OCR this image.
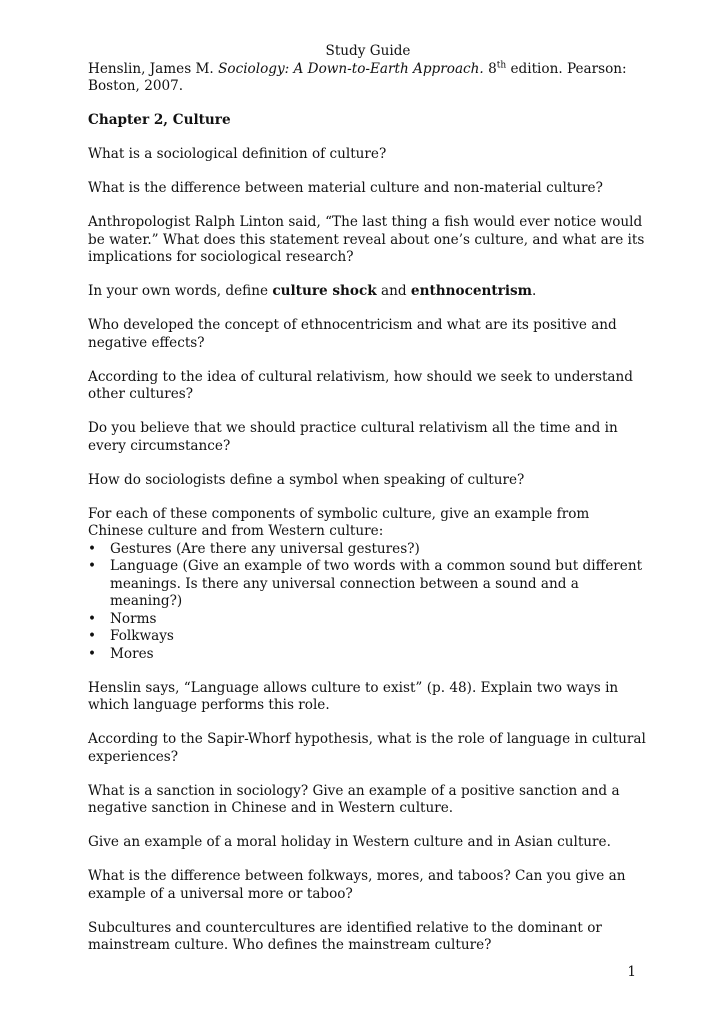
Study Guide

Henslin, James M. Sociology: A Down-to-Earth Approach. 8th edition. Pearson: Boston, 2007.

Chapter 2, Culture

What is a sociological definition of culture?

What is the difference between material culture and non-material culture?

Anthropologist Ralph Linton said, “The last thing a fish would ever notice would be water.” What does this statement reveal about one’s culture, and what are its implications for sociological research?

In your own words, define culture shock and enthnocentrism.

Who developed the concept of ethnocentricism and what are its positive and negative effects?

According to the idea of cultural relativism, how should we seek to understand other cultures?

Do you believe that we should practice cultural relativism all the time and in every circumstance?

How do sociologists define a symbol when speaking of culture?

For each of these components of symbolic culture, give an example from Chinese culture and from Western culture:

• Gestures (Are there any universal gestures?)
• Language (Give an example of two words with a common sound but different meanings. Is there any universal connection between a sound and a meaning?)
• Norms
• Folkways
• Mores

Henslin says, “Language allows culture to exist” (p. 48). Explain two ways in which language performs this role.

According to the Sapir-Whorf hypothesis, what is the role of language in cultural experiences?

What is a sanction in sociology? Give an example of a positive sanction and a negative sanction in Chinese and in Western culture.

Give an example of a moral holiday in Western culture and in Asian culture.

What is the difference between folkways, mores, and taboos? Can you give an example of a universal more or taboo?

Subcultures and countercultures are identified relative to the dominant or mainstream culture. Who defines the mainstream culture?

1
